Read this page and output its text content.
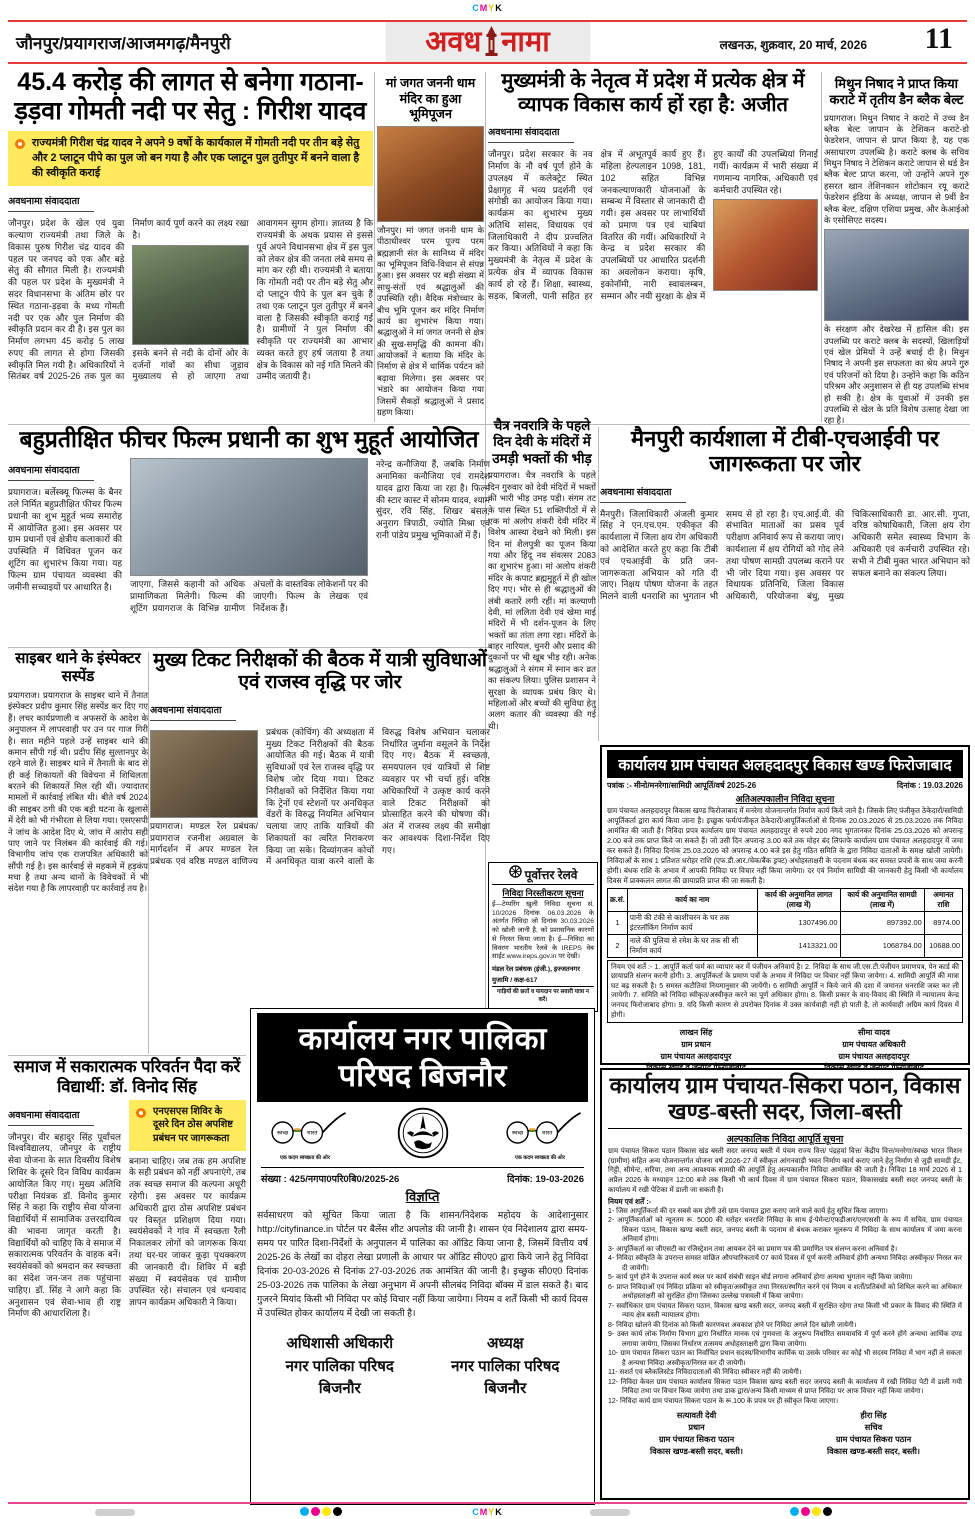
CMYK
जौनपुर/प्रयागराज/आजमगढ़/मैनपुरी	अवध नामा	लखनऊ, शुक्रवार, 20 मार्च, 2026 11
45.4 करोड़ की लागत से बनेगा गठाना-ड़ड़वा गोमती नदी पर सेतु : गिरीश यादव
राज्यमंत्री गिरीश चंद्र यादव ने अपने 9 वर्षो के कार्यकाल में गोमती नदी पर तीन बड़े सेतु और 2 प्लाटून पीपे का पुल जो बन गया है और एक प्लाटून पुल तुतीपुर में बनने वाला है की स्वीकृति कराई
अवधनामा संवाददाता
जौनपुर। प्रदेश के खेल एवं युवा कल्याण राज्यमंत्री तथा जिले के विकास पुरुष गिरीश चंद्र यादव की पहल पर जनपद को एक और बड़े सेतु की सौगात मिली है। राज्यमंत्री की पहल पर प्रदेश के मुख्यमंत्री ने सदर विधानसभा के अंतिम छोर पर स्थित गठाना-ड़ड़वा के मध्य गोमती नदी पर एक और पुल निर्माण की स्वीकृति प्रदान कर दी है। इस पुल का निर्माण लगभग 45 करोड़ 5 लाख रुपए की लागत से होगा जिसकी स्वीकृति मिल गयी है। अधिकारियों ने सितंबर वर्ष 2025-26 तक पुल का निर्माण कार्य पूर्ण करने का लक्ष्य रखा है।
इसके बनने से नदी के दोनों ओर के दर्जनों गांवों का सीधा जुड़ाव मुख्यालय से हो जाएगा तथा आवागमन सुगम होगा। ज्ञातव्य है कि राज्यमंत्री के अथक प्रयास से इससे पूर्व अपने विधानसभा क्षेत्र में इस पुल को लेकर क्षेत्र की जनता लंबे समय से मांग कर रही थी। राज्यमंत्री ने बताया कि गोमती नदी पर तीन बड़े सेतु और दो प्लाटून पीपे के पुल बन चुके हैं तथा एक प्लाटून पुल तुतीपुर में बनने वाला है जिसकी स्वीकृति कराई गई है। ग्रामीणों ने पुल निर्माण की स्वीकृति पर राज्यमंत्री का आभार व्यक्त करते हुए हर्ष जताया है तथा क्षेत्र के विकास को नई गति मिलने की उम्मीद जतायी है।
मां जगत जननी धाम मंदिर का हुआ भूमिपूजन
जौनपुर। मां जगत जननी धाम के पीठाधीश्वर परम पूज्य परम ब्रह्मज्ञानी संत के सानिध्य में मंदिर का भूमिपूजन विधि-विधान से संपन्न हुआ। इस अवसर पर बड़ी संख्या में साधु-संतों एवं श्रद्धालुओं की उपस्थिति रही। वैदिक मंत्रोच्चार के बीच भूमि पूजन कर मंदिर निर्माण कार्य का शुभारंभ किया गया। श्रद्धालुओं ने मां जगत जननी से क्षेत्र की सुख-समृद्धि की कामना की। आयोजकों ने बताया कि मंदिर के निर्माण से क्षेत्र में धार्मिक पर्यटन को बढ़ावा मिलेगा। इस अवसर पर भंडारे का आयोजन किया गया जिसमें सैकड़ों श्रद्धालुओं ने प्रसाद ग्रहण किया।
मुख्यमंत्री के नेतृत्व में प्रदेश में प्रत्येक क्षेत्र में व्यापक विकास कार्य हों रहा है: अजीत
अवधनामा संवाददाता
जौनपुर। प्रदेश सरकार के नव निर्माण के नौ वर्ष पूर्ण होने के उपलक्ष्य में कलेक्ट्रेट स्थित प्रेक्षागृह में भव्य प्रदर्शनी एवं संगोष्ठी का आयोजन किया गया। कार्यक्रम का शुभारंभ मुख्य अतिथि सांसद, विधायक एवं जिलाधिकारी ने दीप प्रज्वलित कर किया। अतिथियों ने कहा कि मुख्यमंत्री के नेतृत्व में प्रदेश के प्रत्येक क्षेत्र में व्यापक विकास कार्य हो रहे हैं। शिक्षा, स्वास्थ्य, सड़क, बिजली, पानी सहित हर क्षेत्र में अभूतपूर्व कार्य हुए हैं। महिला हेल्पलाइन 1098, 181, 102 सहित विभिन्न जनकल्याणकारी योजनाओं के सम्बन्ध में विस्तार से जानकारी दी गयी। इस अवसर पर लाभार्थियों को प्रमाण पत्र एवं चाबियां वितरित की गयीं। अधिकारियों ने केन्द्र व प्रदेश सरकार की उपलब्धियों पर आधारित प्रदर्शनी का अवलोकन कराया। कृषि, इकोनॉमी, नारी स्वावलम्बन, सम्मान और नयी सुरक्षा के क्षेत्र में हुए कार्यों की उपलब्धियां गिनाई गयीं। कार्यक्रम में भारी संख्या में गणमान्य नागरिक, अधिकारी एवं कर्मचारी उपस्थित रहे।
मिथुन निषाद ने प्राप्त किया कराटे में तृतीय डैन ब्लैक बेल्ट
प्रयागराज। मिथुन निषाद ने कराटे में उच्च डैन ब्लैक बेल्ट जापान के टेशिकन कराटे-डो फेडरेशन, जापान से प्राप्त किया है, यह एक असाधारण उपलब्धि है। कराटे क्लब के सचिव मिथुन निषाद ने टेशिकन कराटे जापान से थर्ड डैन ब्लैक बेल्ट प्राप्त करना, जो उन्होंने अपने गुरु हसरत खान तेशिनकान शोटोकान रयू कराटे फेडरेशन इंडिया के अध्यक्ष, जापान से 9वीं डैन ब्लैक बेल्ट, दक्षिण एशिया प्रमुख, और केआईओ के एसोसिएट सदस्य।
के संरक्षण और देखरेख में हासिल की। इस उपलब्धि पर कराटे क्लब के सदस्यों, खिलाड़ियों एवं खेल प्रेमियों ने उन्हें बधाई दी है। मिथुन निषाद ने अपनी इस सफलता का श्रेय अपने गुरु एवं परिजनों को दिया है। उन्होंने कहा कि कठिन परिश्रम और अनुशासन से ही यह उपलब्धि संभव हो सकी है। क्षेत्र के युवाओं में उनकी इस उपलब्धि से खेल के प्रति विशेष उत्साह देखा जा रहा है।
बहुप्रतीक्षित फीचर फिल्म प्रधानी का शुभ मुहूर्त आयोजित
अवधनामा संवाददाता
प्रयागराज। बर्लेस्क्यू फिल्म्स के बैनर तले निर्मित बहुप्रतीक्षित फीचर फिल्म प्रधानी का शुभ मुहूर्त भव्य समारोह में आयोजित हुआ। इस अवसर पर ग्राम प्रधानों एवं क्षेत्रीय कलाकारों की उपस्थिति में विधिवत पूजन कर शूटिंग का शुभारंभ किया गया। यह फिल्म ग्राम पंचायत व्यवस्था की जमीनी सच्चाइयों पर आधारित है।	जाएगा, जिससे कहानी को अधिक प्रामाणिकता मिलेगी। फिल्म की शूटिंग प्रयागराज के विभिन्न ग्रामीण अंचलों के वास्तविक लोकेशनों पर की जाएगी। फिल्म के लेखक एवं निर्देशक हैं।
नरेन्द्र कनौजिया हैं, जबकि निर्माण अनामिका कनौजिया एवं रामदेश यादव द्वारा किया जा रहा है। फिल्म की स्टार कास्ट में सोनम यादव, श्याम सुंदर, रवि सिंह, शिखर बंसल, अनुराग त्रिपाठी, ज्योति मिश्रा एवं रानी पांडेय प्रमुख भूमिकाओं में हैं।
चैत्र नवरात्रि के पहले दिन देवी के मंदिरों में उमड़ी भक्तों की भीड़
प्रयागराज। चैत्र नवरात्रि के पहले दिन गुरुवार को देवी मंदिरों में भक्तों की भारी भीड़ उमड़ पड़ी। संगम तट के पास स्थित 51 शक्तिपीठों में से एक मां अलोप शंकरी देवी मंदिर में विशेष आस्था देखने को मिली। इस दिन मां शैलपुत्री का पूजन किया गया और हिंदू नव संवत्सर 2083 का शुभारंभ हुआ। मां अलोप शंकरी मंदिर के कपाट ब्रह्ममुहूर्त में ही खोल दिए गए। भोर से ही श्रद्धालुओं की लंबी कतारें लगी रहीं। मां कल्याणी देवी, मां ललिता देवी एवं खेमा माई मंदिरों में भी दर्शन-पूजन के लिए भक्तों का तांता लगा रहा। मंदिरों के बाहर नारियल, चुनरी और प्रसाद की दुकानों पर भी खूब भीड़ रही। अनेक श्रद्धालुओं ने संगम में स्नान कर व्रत का संकल्प लिया। पुलिस प्रशासन ने सुरक्षा के व्यापक प्रबंध किए थे। महिलाओं और बच्चों की सुविधा हेतु अलग कतार की व्यवस्था की गई थी।
मैनपुरी कार्यशाला में टीबी-एचआईवी पर जागरूकता पर जोर
अवधनामा संवाददाता
मैनपुरी। जिलाधिकारी अंजली कुमार सिंह ने एन.एच.एम. एकीकृत की कार्यशाला में जिला क्षय रोग अधिकारी को आदेशित करते हुए कहा कि टीबी एवं एचआईवी के प्रति जन-जागरूकता अभियान को गति दी जाए। निक्षय पोषण योजना के तहत मिलने वाली धनराशि का भुगतान भी समय से हो रहा है। एच.आई.वी. की संभावित माताओं का प्रसव पूर्व परीक्षण अनिवार्य रूप से कराया जाए। कार्यशाला में क्षय रोगियों को गोद लेने तथा पोषण सामग्री उपलब्ध कराने पर भी जोर दिया गया। इस अवसर पर विधायक प्रतिनिधि, जिला विकास अधिकारी, परियोजना बंधु, मुख्य चिकित्साधिकारी डा. आर.सी. गुप्ता, वरिष्ठ कोषाधिकारी, जिला क्षय रोग अधिकारी समेत स्वास्थ्य विभाग के अधिकारी एवं कर्मचारी उपस्थित रहे। सभी ने टीबी मुक्त भारत अभियान को सफल बनाने का संकल्प लिया।
साइबर थाने के इंस्पेक्टर सस्पेंड
प्रयागराज। प्रयागराज के साइबर थाने में तैनात इंस्पेक्टर प्रदीप कुमार सिंह सस्पेंड कर दिए गए हैं। लचर कार्यप्रणाली व अफसरों के आदेश के अनुपालन में लापरवाही पर उन पर गाज गिरी है। सात महीने पहले उन्हें साइबर थाने की कमान सौंपी गई थी। प्रदीप सिंह सुल्तानपुर के रहने वाले हैं। साइबर थाने में तैनाती के बाद से ही कई शिकायतों की विवेचना में शिथिलता बरतने की शिकायतें मिल रही थीं। ज्यादातर मामलों में कार्रवाई लंबित थी। बीते वर्ष 2024 की साइबर ठगी की एक बड़ी घटना के खुलासे में देरी को भी गंभीरता से लिया गया। एसएसपी ने जांच के आदेश दिए थे, जांच में आरोप सही पाए जाने पर निलंबन की कार्रवाई की गई। विभागीय जांच एक राजपत्रित अधिकारी को सौंपी गई है। इस कार्रवाई से महकमे में हड़कंप मचा है तथा अन्य थानों के विवेचकों में भी संदेश गया है कि लापरवाही पर कार्रवाई तय है।
मुख्य टिकट निरीक्षकों की बैठक में यात्री सुविधाओं एवं राजस्व वृद्धि पर जोर
अवधनामा संवाददाता
प्रयागराज। मण्डल रेल प्रबंधक/प्रयागराज रजनीश अग्रवाल के मार्गदर्शन में अपर मण्डल रेल प्रबंधक एवं वरिष्ठ मण्डल वाणिज्य प्रबंधक (कोचिंग) की अध्यक्षता में मुख्य टिकट निरीक्षकों की बैठक आयोजित की गई। बैठक में यात्री सुविधाओं एवं रेल राजस्व वृद्धि पर विशेष जोर दिया गया। टिकट निरीक्षकों को निर्देशित किया गया कि ट्रेनों एवं स्टेशनों पर अनधिकृत वेंडरों के विरुद्ध नियमित अभियान चलाया जाए ताकि यात्रियों की शिकायतों का त्वरित निराकरण किया जा सके। दिव्यांगजन कोचों में अनधिकृत यात्रा करने वालों के विरुद्ध विशेष अभियान चलाकर निर्धारित जुर्माना वसूलने के निर्देश दिए गए। बैठक में स्वच्छता, समयपालन एवं यात्रियों से शिष्ट व्यवहार पर भी चर्चा हुई। वरिष्ठ अधिकारियों ने उत्कृष्ट कार्य करने वाले टिकट निरीक्षकों को प्रोत्साहित करने की घोषणा की। अंत में राजस्व लक्ष्य की समीक्षा कर आवश्यक दिशा-निर्देश दिए गए।
समाज में सकारात्मक परिवर्तन पैदा करें विद्यार्थी: डॉ. विनोद सिंह
अवधनामा संवाददाता
जौनपुर। वीर बहादुर सिंह पूर्वांचल विश्वविद्यालय, जौनपुर के राष्ट्रीय सेवा योजना के सात दिवसीय विशेष शिविर के दूसरे दिन विविध कार्यक्रम आयोजित किए गए। मुख्य अतिथि परीक्षा नियंत्रक डॉ. विनोद कुमार सिंह ने कहा कि राष्ट्रीय सेवा योजना विद्यार्थियों में सामाजिक उत्तरदायित्व की भावना जागृत करती है। विद्यार्थियों को चाहिए कि वे समाज में सकारात्मक परिवर्तन के वाहक बनें। स्वयंसेवकों को श्रमदान कर स्वच्छता का संदेश जन-जन तक पहुंचाना चाहिए। डॉ. सिंह ने आगे कहा कि अनुशासन एवं सेवा-भाव ही राष्ट्र निर्माण की आधारशिला है।
एनएसएस शिविर के दूसरे दिन ठोस अपशिष्ट प्रबंधन पर जागरूकता
बनाना चाहिए। जब तक हम अपशिष्ट के सही प्रबंधन को नहीं अपनाएंगे, तब तक स्वच्छ समाज की कल्पना अधूरी रहेगी। इस अवसर पर कार्यक्रम अधिकारी द्वारा ठोस अपशिष्ट प्रबंधन पर विस्तृत प्रशिक्षण दिया गया। स्वयंसेवकों ने गांव में स्वच्छता रैली निकालकर लोगों को जागरूक किया तथा घर-घर जाकर कूड़ा पृथक्करण की जानकारी दी। शिविर में बड़ी संख्या में स्वयंसेवक एवं ग्रामीण उपस्थित रहे। संचालन एवं धन्यवाद ज्ञापन कार्यक्रम अधिकारी ने किया।
पूर्वोत्तर रेलवे
निविदा निरस्तीकरण सूचना
ई—टेम्परिंग खुली निविदा सूचना सं. 10/2026 दिनांक 06.03.2026 के अंतर्गत निविदा जो दिनांक 30.03.2026 को खोली जानी है, को प्रशासनिक कारणों से निरस्त किया जाता है। ई—निविदा का विवरण भारतीय रेलवे के IREPS वेब साईट www.ireps.gov.in पर देखी।
मंडल रेल प्रबंधक (इंजी.), इज्जतनगर
मुजामि / कक्ष-617
गाड़ियों की छतों व पायदान पर सवारी यात्रा न करें।
कार्यालय ग्राम पंचायत अलहदादपुर विकास खण्ड फिरोजाबाद
पत्रांक :- मीनो/मनरेगा/सामिग्री आपूर्ति/वर्ष 2025-26	दिनांक : 19.03.2026
अतिअल्पकालीन निविदा सूचना
ग्राम पंचायत अलहदादपुर विकास खण्ड फिरोजाबाद में मनरेगा योजनान्तर्गत निर्माण कार्य किये जाने है। जिसके लिए पंजीकृत ठेकेदारों/सामिग्री आपूर्तिकर्ता द्वारा कार्य किया जाना है। इच्छुक फर्म/पंजीकृत ठेकेदारों/आपूर्तिकर्ताओं से दिनांक 20.03.2026 से 25.03.2026 तक निविदा आमंत्रित की जाती हैं। निविदा प्रपत्र कार्यालय ग्राम पंचायत अलहदादपुर से रुपये 200 नगद भुगतानकर दिनांक 25.03.2026 को अपरान्ह 2.00 बजे तक प्राप्त किये जा सकते हैं। जो उसी दिन अपरान्ह 3.00 बजे तक मोहर बंद लिफाफे कार्यालय ग्राम पंचायत अलहदादपुर में जमा कर सकते हैं। निविदा दिनांक 25.03.2026 को अपरान्ह 4.00 बजे इस हेतु गठित समिति के द्वारा निविदा दाताओं के समक्ष खोली जायेगी। निविदाओं के साथ 1 प्रतिशत धरोहर राशि (एफ.डी.आर./चेक/बैंक ड्रफ्ट) अधोहस्ताक्षरी के पदनाम बंधक कर समस्त प्रपत्रों के साथ जमा करनी होगी। बंधक राशि के अभाव में आपकी निविदा पर विचार नहीं किया जायेगा। दर एवं निर्माण सामिग्री की जानकारी हेतु किसी भी कार्यालय दिवस में प्राक्कलन लागत की छायाप्रति प्राप्त की जा सकती है।
क्र.सं.	कार्य का नाम	कार्य की अनुमानित लागत (लाख में)	कार्य की अनुमानित सामग्री (लाख में)	अमानत राशि
1	पानी की टंकी से काशीचरन के घर तक इंटरलॉकिंग निर्माण कार्य	1307496.00	897392.00	8974.00
2	नाले की पुलिया से रमेश के घर तक सी सी निर्माण कार्य	1413321.00	1068784.00	10688.00
नियम एवं शर्तें :- 1. आपूर्ति कर्ता फर्म का व्यापार कर में पंजीयन अनिवार्य है। 2. निविदा के साथ जी.एस.टी.पंजीयन प्रमाणपत्र, पेन कार्ड की छायाप्रति संलग्न करनी होगी। 3. आपूर्तिकर्ता के प्रमाण पत्रों के अभाव में निविदा पर विचार नहीं किया जायेगा। 4. सामिग्री आपूर्ति की मात्रा घट बढ़ सकती है। 5 समस्त कटौतियां नियमानुसार की जायेंगी। 6 सामिग्री आपूर्ति न किये जाने की दशा में जमानत धनराशि जब्त कर ली जायेगी। 7. समिति को निविदा स्वीकृत/अस्वीकृत करने का पूर्ण अधिकार होगा। 8. किसी प्रकार के वाद-विवाद की स्थिति में न्यायालय केन्द्र जनपद फिरोजाबाद होगा। 9. यदि किसी कारण से उपरोक्त दिनांक में उक्त कार्यवाही नहीं हो पाती है, तो कार्यवाही अग्रिम कार्य दिवस में होगी।
लाखन सिंह
ग्राम प्रधान
ग्राम पंचायत अलहदादपुर
सीमा यादव
ग्राम पंचायत अधिकारी
ग्राम पंचायत अलहदादपुर
कार्यालय नगर पालिका परिषद बिजनौर
स्वच्छ भारत
एक कदम स्वच्छता की ओर
स्वच्छ भारत
एक कदम स्वच्छता की ओर
संख्या : 425/नगपा0परि0बि0/2025-26	दिनांक: 19-03-2026
विज्ञप्ति
सर्वसाधरण को सूचित किया जाता है कि शासन/निदेशक महोदय के आदेशानुसार http://cityfinance.in पोर्टल पर बैलेंस शीट अपलोड की जानी है। शासन एंव निदेशालय द्वारा समय-समय पर पारित दिशा-निर्देशों के अनुपालन में पालिका का ऑडिट किया जाना है, जिसमें वित्तीय वर्ष 2025-26 के लेखों का दोहरा लेखा प्रणाली के आधार पर ऑडिट सी0ए0 द्वारा किये जाने हेतु निविदा दिनांक 20-03-2026 से दिनांक 27-03-2026 तक आमंत्रित की जानी है। इच्छुक सी0ए0 दिनांक 25-03-2026 तक पालिका के लेखा अनुभाग में अपनी सीलबंद निविदा बॉक्स में डाल सकते है। बाद गुजरने मियांद किसी भी निविदा पर कोई विचार नहीं किया जायेगा। नियम व शर्तें किसी भी कार्य दिवस में उपस्थित होकर कार्यालय में देखी जा सकती है।
अधिशासी अधिकारी
नगर पालिका परिषद
बिजनौर
अध्यक्ष
नगर पालिका परिषद
बिजनौर
कार्यालय ग्राम पंचायत-सिकरा पठान, विकास खण्ड-बस्ती सदर, जिला-बस्ती
अल्पकालिक निविदा आपूर्ति सूचना
ग्राम पंचायत सिकरा पठान विकास खंड बस्ती सदर जनपद बस्ती में पंचम राज्य वित्त/ पंद्रहवां वित्त/ केंद्रीय वित्त/मनरेगा/स्वच्छ भारत मिशन (ग्रामीण) सहित अन्य योजनान्तर्गत योजना वर्ष 2026-27 में स्वीकृत आंगनवाड़ी भवन निर्माण कार्य कराए जाने हेतु निर्माण से जुड़ी सामग्री ईंट, गिट्टी, सीमेन्ट, सरिया, तथा अन्य आवश्यक सामग्री की आपूर्ति हेतु अल्पकालीन निविदा आमंत्रित की जाती है। निविदा 18 मार्च 2026 से 1 अप्रैल 2026 के मध्याहन 12:00 बजे तक किसी भी कार्य दिवस में ग्राम पंचायत सिकरा पठान, विकासखंड बस्ती सदर जनपद बस्ती के कार्यालय में रखी पेटिका में डाली जा सकती है।
नियम एवं शर्तें :-
1- जिस आपूर्तिकर्ता की दर सबसे कम होगी उसे ग्राम पंचायत द्वारा कराए जाने वाले कार्य हेतु सूचित किया जाएगा।
2- आपूर्तिकर्ताओं को न्यूनतम रू. 5000 की धरोहर धनराशि निविदा के साथ ई-पेमेन्ट/एफडीआर/एनएससी के रूप में सचिव, ग्राम पंचायत सिकरा पठान, विकास खण्ड बस्ती सदर, जनपद बस्ती के पदनाम से बंधक कराकर मूलरूप में निविदा के साथ कार्यालय में जमा करना अनिवार्य होगा।
3- आपूर्तिकर्ता का जीएसटी का रजिस्ट्रेशन तथा आयकर देने का प्रमाण पत्र की प्रमाणित पत्र संलग्न करना अनिवार्य है।
4- निविदा स्वीकृति के उपरान्त समस्त वांछित औपचारिकतायें 07 कार्य दिवस में पूर्ण करनी अनिवार्य होंगी अन्यथा निविदा अस्वीकृत/ निरस्त कर दी जायेगी।
5- कार्य पूर्ण होने के उपरान्त कार्य स्थल पर कार्य संबंधी साइन बोर्ड लगाना अनिवार्य होगा अन्यथा भुगतान नहीं किया जायेगा।
6- प्राप्त निविदाओं एवं निविदा प्रक्रिया को स्वीकृत/अस्वीकृत तथा निरस्त/स्थगित करने एवं नियम व शर्तों/प्रतिबंधों को शिथिल करने का अधिकार अधोहस्ताक्षरी को सुरक्षित होगा जिसका उल्लेख पत्रावली में किया जायेगा।
7- सर्वाधिकार ग्राम पंचायत सिकरा पठान, विकास खण्ड बस्ती सदर, जनपद बस्ती में सुरक्षित रहेगा तथा किसी भी प्रकार के विवाद की स्थिति में न्याय क्षेत्र बस्ती न्यायालय होगा।
8- निविदा खोलने की दिनांक को किसी कारणवश अवकाश होने पर निविदा अगले दिन खोली जायेगी।
9- उक्त कार्य लोक निर्माण विभाग द्वारा निर्धारित मानक एवं गुणवत्ता के अनुरूप निर्धारित समयावधि में पूर्ण करने होंगे अन्यथा आर्थिक दण्ड लगाया जायेगा, जिसका निर्धारण तत्समय अधोहस्ताक्षरी द्वारा किया जायेगा।
10- ग्राम पंचायत सिकरा पठान का निर्वाचित प्रधान सदस्य/विभागीय कार्मिक या उसके परिवार का कोई भी सदस्य निविदा में भाग नहीं ले सकता है अन्यथा निविदा अस्वीकृत/निरस्त कर दी जायेगी।
11- सशर्त एवं ब्लैकलिस्टेड निविदादाताओं की निविदा स्वीकार नहीं की जायेगी।
12- निविदा केवल ग्राम पंचायत कार्यालय सिकरा पठान विकास खण्ड बस्ती सदर जनपद बस्ती के कार्यालय में रखी निविदा पेटी में डाली गयी निविदा तथा पर विचार किया जायेगा तथा डाक द्वारा/अन्य किसी माध्यम से प्राप्त निविदा पर आफ विचार नहीं किया जायेगा।
12- निविदा कार्य ग्राम पंचायत सिकरा पठान के रू.100 के प्रपत्र पर ही स्वीकृत किया जाएगा।
सत्यावती देवी
प्रधान
ग्राम पंचायत सिकरा पठान
विकास खण्ड-बस्ती सदर, बस्ती।
हीरा सिंह
सचिव
ग्राम पंचायत सिकरा पठान
विकास खण्ड-बस्ती सदर, बस्ती।
CMYK
